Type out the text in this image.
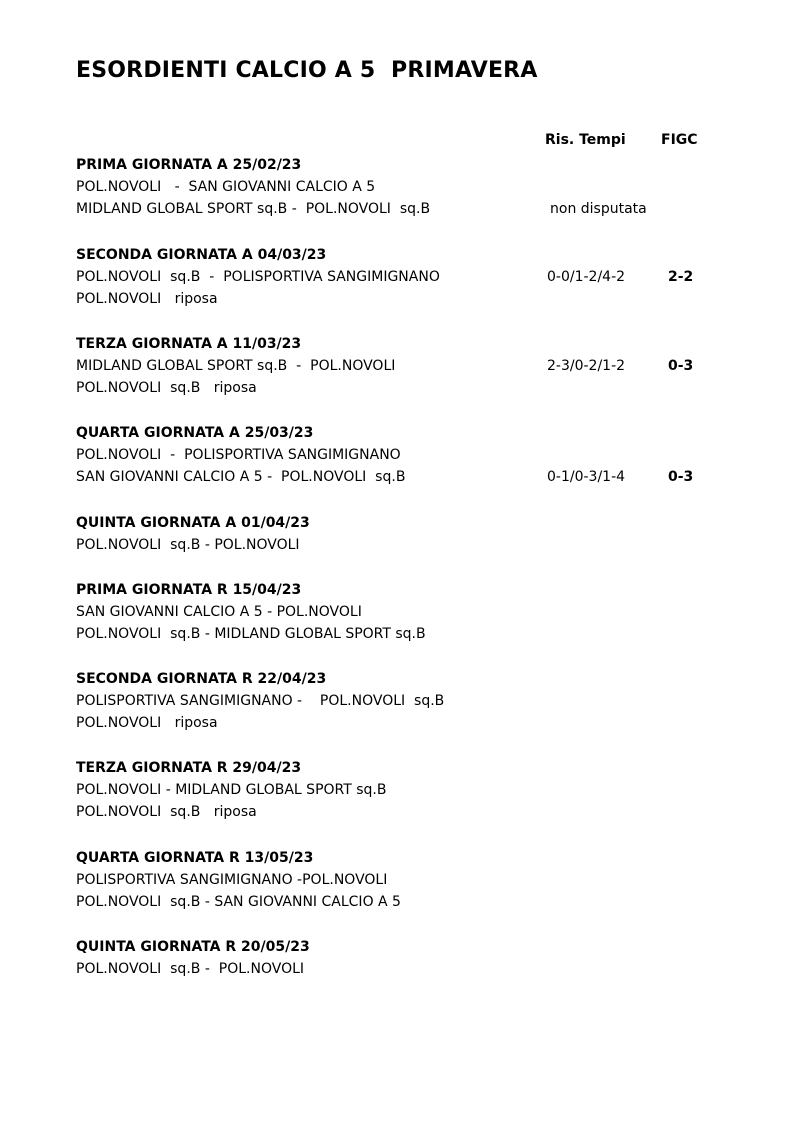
ESORDIENTI CALCIO A 5  PRIMAVERA
Ris. Tempi	FIGC
PRIMA GIORNATA A 25/02/23
POL.NOVOLI   -  SAN GIOVANNI CALCIO A 5
MIDLAND GLOBAL SPORT sq.B -  POL.NOVOLI  sq.B	non disputata
SECONDA GIORNATA A 04/03/23
POL.NOVOLI  sq.B  -  POLISPORTIVA SANGIMIGNANO	0-0/1-2/4-2	2-2
POL.NOVOLI   riposa
TERZA GIORNATA A 11/03/23
MIDLAND GLOBAL SPORT sq.B  -  POL.NOVOLI	2-3/0-2/1-2	0-3
POL.NOVOLI  sq.B   riposa
QUARTA GIORNATA A 25/03/23
POL.NOVOLI  -  POLISPORTIVA SANGIMIGNANO
SAN GIOVANNI CALCIO A 5 -  POL.NOVOLI  sq.B	0-1/0-3/1-4	0-3
QUINTA GIORNATA A 01/04/23
POL.NOVOLI  sq.B - POL.NOVOLI
PRIMA GIORNATA R 15/04/23
SAN GIOVANNI CALCIO A 5 - POL.NOVOLI
POL.NOVOLI  sq.B - MIDLAND GLOBAL SPORT sq.B
SECONDA GIORNATA R 22/04/23
POLISPORTIVA SANGIMIGNANO -    POL.NOVOLI  sq.B
POL.NOVOLI   riposa
TERZA GIORNATA R 29/04/23
POL.NOVOLI - MIDLAND GLOBAL SPORT sq.B
POL.NOVOLI  sq.B   riposa
QUARTA GIORNATA R 13/05/23
POLISPORTIVA SANGIMIGNANO -POL.NOVOLI
POL.NOVOLI  sq.B - SAN GIOVANNI CALCIO A 5
QUINTA GIORNATA R 20/05/23
POL.NOVOLI  sq.B -  POL.NOVOLI
